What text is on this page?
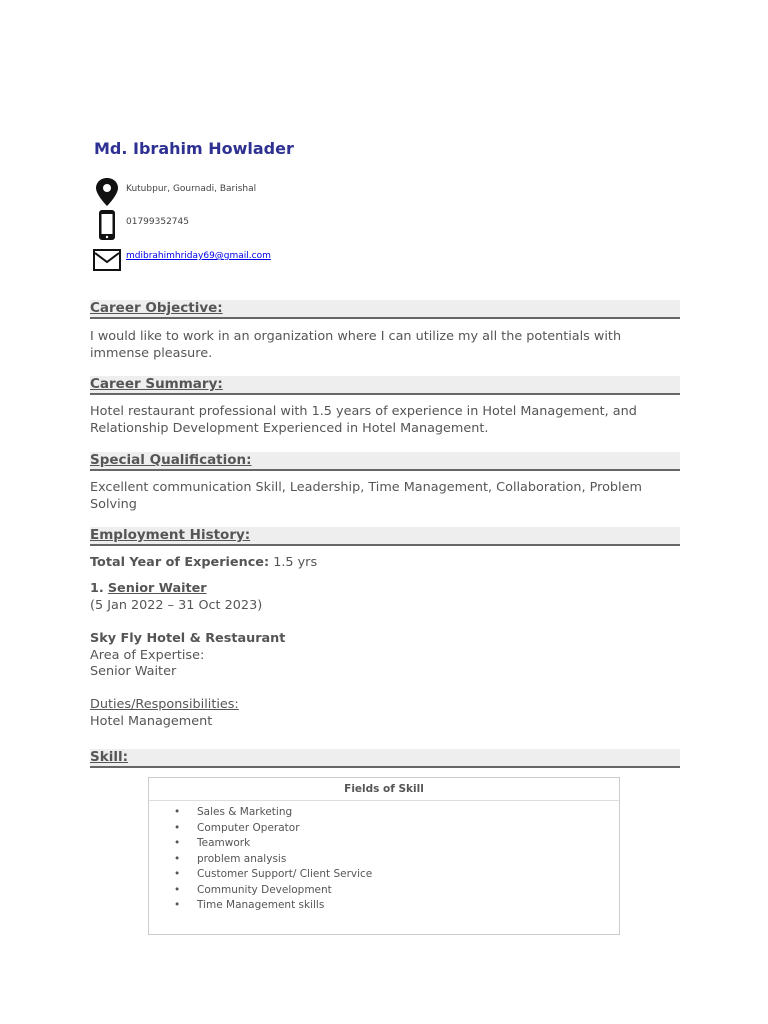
Md. Ibrahim Howlader
Kutubpur, Gournadi, Barishal
01799352745
mdibrahimhriday69@gmail.com
Career Objective:

I would like to work in an organization where I can utilize my all the potentials with immense pleasure.

Career Summary:

Hotel restaurant professional with 1.5 years of experience in Hotel Management, and Relationship Development Experienced in Hotel Management.

Special Qualification:

Excellent communication Skill, Leadership, Time Management, Collaboration, Problem Solving

Employment History:

Total Year of Experience: 1.5 yrs

1. Senior Waiter

(5 Jan 2022 – 31 Oct 2023)

Sky Fly Hotel & Restaurant

Area of Expertise:

Senior Waiter

Duties/Responsibilities:

Hotel Management

Skill:
Fields of Skill
• Sales & Marketing
• Computer Operator
• Teamwork
• problem analysis
• Customer Support/ Client Service
• Community Development
• Time Management skills
